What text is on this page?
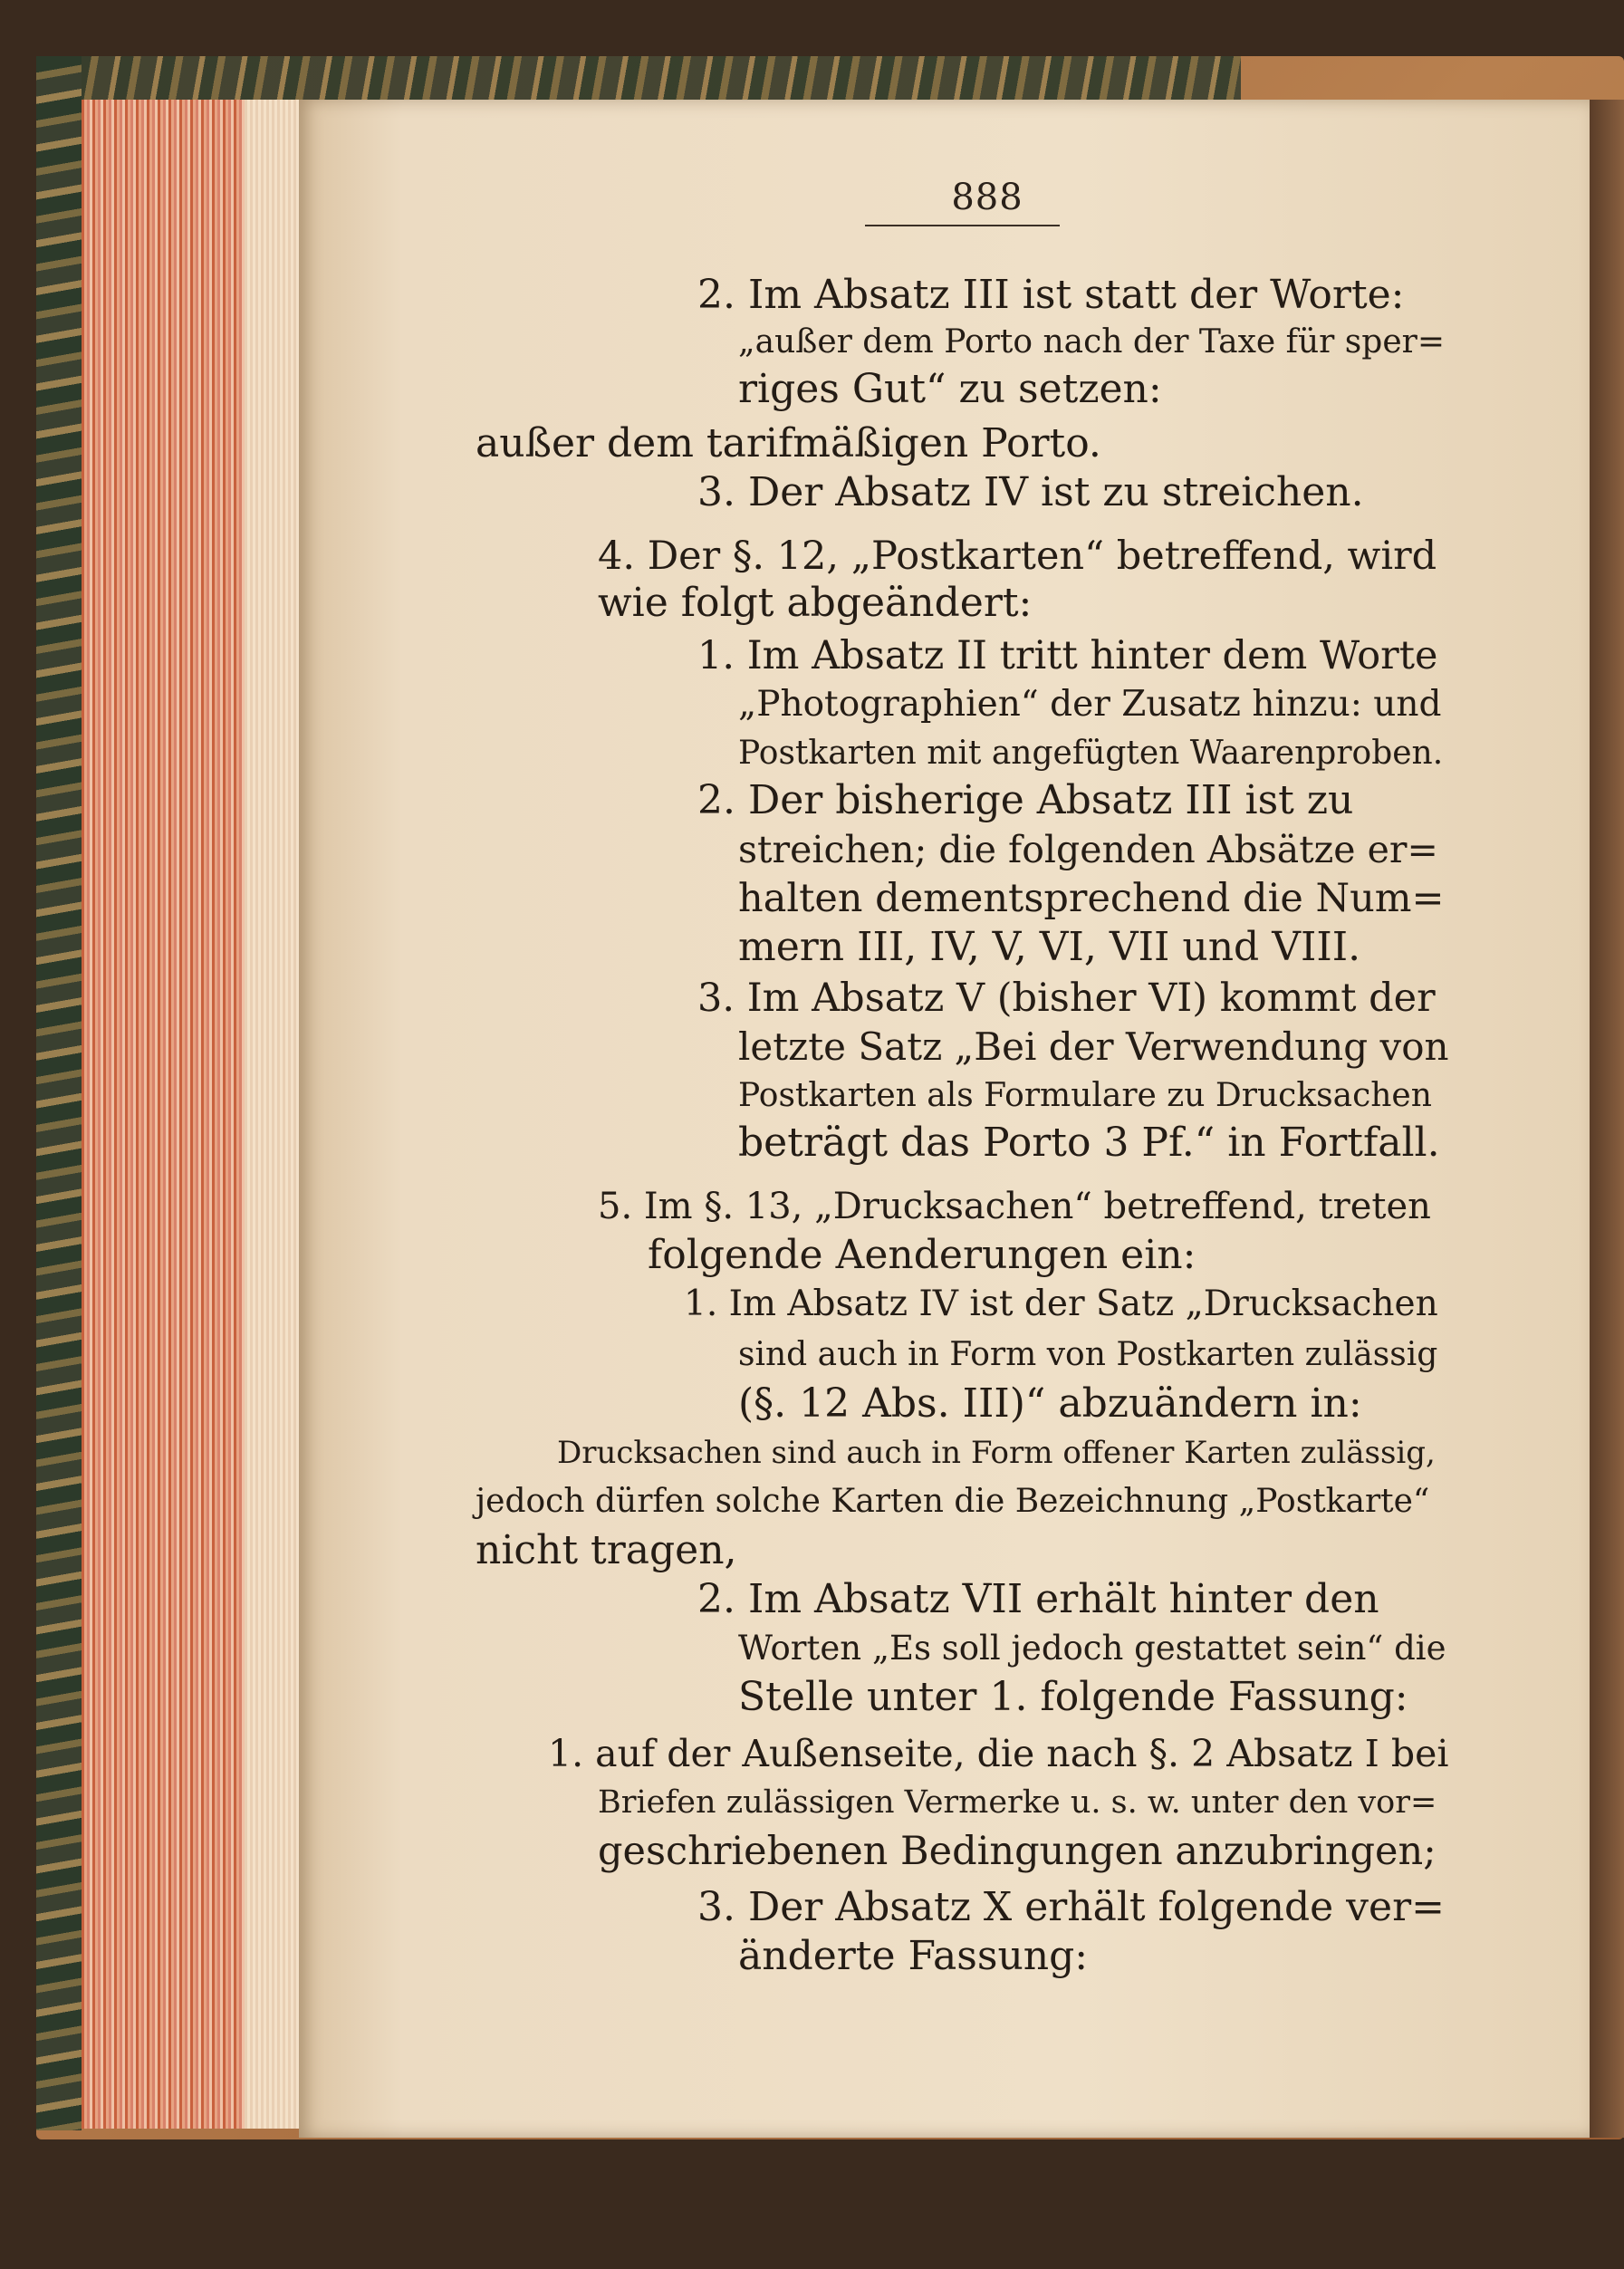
888
2. Im Absatz III ist statt der Worte:
„außer dem Porto nach der Taxe für sper=
riges Gut“ zu setzen:
außer dem tarifmäßigen Porto.
3. Der Absatz IV ist zu streichen.
4. Der §. 12, „Postkarten“ betreffend, wird
wie folgt abgeändert:
1. Im Absatz II tritt hinter dem Worte
„Photographien“ der Zusatz hinzu: und
Postkarten mit angefügten Waarenproben.
2. Der bisherige Absatz III ist zu
streichen; die folgenden Absätze er=
halten dementsprechend die Num=
mern III, IV, V, VI, VII und VIII.
3. Im Absatz V (bisher VI) kommt der
letzte Satz „Bei der Verwendung von
Postkarten als Formulare zu Drucksachen
beträgt das Porto 3 Pf.“ in Fortfall.
5. Im §. 13, „Drucksachen“ betreffend, treten
folgende Aenderungen ein:
1. Im Absatz IV ist der Satz „Drucksachen
sind auch in Form von Postkarten zulässig
(§. 12 Abs. III)“ abzuändern in:
Drucksachen sind auch in Form offener Karten zulässig,
jedoch dürfen solche Karten die Bezeichnung „Postkarte“
nicht tragen,
2. Im Absatz VII erhält hinter den
Worten „Es soll jedoch gestattet sein“ die
Stelle unter 1. folgende Fassung:
1. auf der Außenseite, die nach §. 2 Absatz I bei
Briefen zulässigen Vermerke u. s. w. unter den vor=
geschriebenen Bedingungen anzubringen;
3. Der Absatz X erhält folgende ver=
änderte Fassung:
